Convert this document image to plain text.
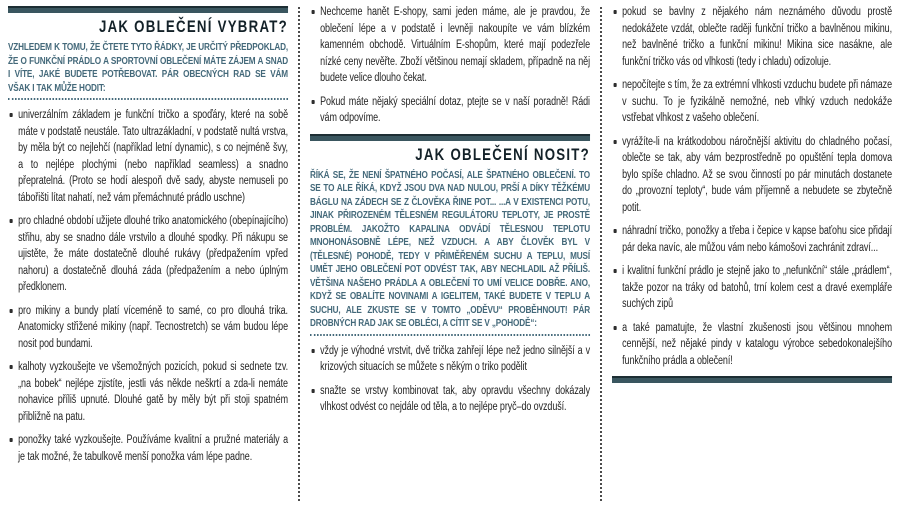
JAK OBLEČENÍ VYBRAT?

VZHLEDEM K TOMU, ŽE ČTETE TYTO ŘÁDKY, JE URČITÝ PŘEDPOKLAD, ŽE O FUNKČNÍ PRÁDLO A SPORTOVNÍ OBLEČENÍ MÁTE ZÁJEM A SNAD I VÍTE, JAKÉ BUDETE POTŘEBOVAT. PÁR OBECNÝCH RAD SE VÁM VŠAK I TAK MŮŽE HODIT:

univerzálním základem je funkční tričko a spoďáry, které na sobě máte v podstatě neustále. Tato ultrazákladní, v podstatě nultá vrstva, by měla být co nejlehčí (například letní dynamic), s co nejméně švy, a to nejlépe plochými (nebo například seamless) a snadno přepratelná. (Proto se hodí alespoň dvě sady, abyste nemuseli po tábořišti lítat nahatí, než vám přemáchnuté prádlo uschne)
pro chladné období užijete dlouhé triko anatomického (obepínajícího) střihu, aby se snadno dále vrstvilo a dlouhé spodky. Při nákupu se ujistěte, že máte dostatečně dlouhé rukávy (předpažením vpřed nahoru) a dostatečně dlouhá záda (předpažením a nebo úplným předklonem.
pro mikiny a bundy platí víceméně to samé, co pro dlouhá trika. Anatomicky střižené mikiny (např. Tecnostretch) se vám budou lépe nosit pod bundami.
kalhoty vyzkoušejte ve všemožných pozicích, pokud si sednete tzv. „na bobek“ nejlépe zjistíte, jestli vás někde neškrtí a zda-li nemáte nohavice příliš upnuté. Dlouhé gatě by měly být při stoji spatném přibližně na patu.
ponožky také vyzkoušejte. Používáme kvalitní a pružné materiály a je tak možné, že tabulkově menší ponožka vám lépe padne.
Nechceme hanět E-shopy, sami jeden máme, ale je pravdou, že oblečení lépe a v podstatě i levněji nakoupíte ve vám blízkém kamenném obchodě. Virtuálním E-shopům, které mají podezřele nízké ceny nevěřte. Zboží většinou nemají skladem, případně na něj budete velice dlouho čekat.
Pokud máte nějaký speciální dotaz, ptejte se v naší poradně! Rádi vám odpovíme.
JAK OBLEČENÍ NOSIT?

ŘÍKÁ SE, ŽE NENÍ ŠPATNÉHO POČASÍ, ALE ŠPATNÉHO OBLEČENÍ. TO SE TO ALE ŘÍKÁ, KDYŽ JSOU DVA NAD NULOU, PRŠÍ A DÍKY TĚŽKÉMU BÁGLU NA ZÁDECH SE Z ČLOVĚKA ŘINE POT... ...A V EXISTENCI POTU, JINAK PŘIROZENÉM TĚLESNÉM REGULÁTORU TEPLOTY, JE PROSTĚ PROBLÉM. JAKOŽTO KAPALINA ODVÁDÍ TĚLESNOU TEPLOTU MNOHONÁSOBNĚ LÉPE, NEŽ VZDUCH. A ABY ČLOVĚK BYL V (TĚLESNÉ) POHODĚ, TEDY V PŘIMĚŘENÉM SUCHU A TEPLU, MUSÍ UMĚT JEHO OBLEČENÍ POT ODVÉST TAK, ABY NECHLADIL AŽ PŘÍLIŠ. VĚTŠINA NAŠEHO PRÁDLA A OBLEČENÍ TO UMÍ VELICE DOBŘE. ANO, KDYŽ SE OBALÍTE NOVINAMI A IGELITEM, TAKÉ BUDETE V TEPLU A SUCHU, ALE ZKUSTE SE V TOMTO „ODĚVU“ PROBĚHNOUT! PÁR DROBNÝCH RAD JAK SE OBLÉCI, A CÍTIT SE V „POHODĚ“:

vždy je výhodné vrstvit, dvě trička zahřejí lépe než jedno silnější a v krizových situacích se můžete s někým o triko podělit
snažte se vrstvy kombinovat tak, aby opravdu všechny dokázaly vlhkost odvést co nejdále od těla, a to nejlépe pryč–do ovzduší.
pokud se bavlny z nějakého nám neznámého důvodu prostě nedokážete vzdát, oblečte raději funkční tričko a bavlněnou mikinu, než bavlněné tričko a funkční mikinu! Mikina sice nasákne, ale funkční tričko vás od vlhkosti (tedy i chladu) odizoluje.
nepočítejte s tím, že za extrémní vlhkosti vzduchu budete při námaze v suchu. To je fyzikálně nemožné, neb vlhký vzduch nedokáže vstřebat vlhkost z vašeho oblečení.
vyrážíte-li na krátkodobou náročnější aktivitu do chladného počasí, oblečte se tak, aby vám bezprostředně po opuštění tepla domova bylo spíše chladno. Až se svou činností po pár minutách dostanete do „provozní teploty“, bude vám příjemně a nebudete se zbytečně potit.
náhradní tričko, ponožky a třeba i čepice v kapse baťohu sice přidají pár deka navíc, ale můžou vám nebo kámošovi zachránit zdraví...
i kvalitní funkční prádlo je stejně jako to „nefunkční“ stále „prádlem“, takže pozor na tráky od batohů, trní kolem cest a dravé exempláře suchých zipů
a také pamatujte, že vlastní zkušenosti jsou většinou mnohem cennější, než nějaké pindy v katalogu výrobce sebedokonalejšího funkčního prádla a oblečení!
